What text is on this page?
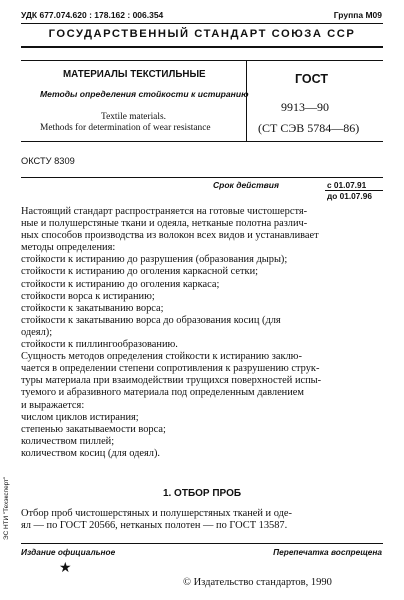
УДК 677.074.620 : 178.162 : 006.354	Группа М09
ГОСУДАРСТВЕННЫЙ СТАНДАРТ СОЮЗА ССР
МАТЕРИАЛЫ ТЕКСТИЛЬНЫЕ
Методы определения стойкости к истиранию
Textile materials.
Methods for determination of wear resistance
ГОСТ
9913—90
(СТ СЭВ 5784—86)
ОКСТУ 8309
Срок действия	с 01.07.91
до 01.07.96
Настоящий стандарт распространяется на готовые чистошерстя-
ные и полушерстяные ткани и одеяла, нетканые полотна различ-
ных способов производства из волокон всех видов и устанавливает
методы определения:
стойкости к истиранию до разрушения (образования дыры);
стойкости к истиранию до оголения каркасной сетки;
стойкости к истиранию до оголения каркаса;
стойкости ворса к истиранию;
стойкости к закатыванию ворса;
стойкости к закатыванию ворса до образования косиц (для
одеял);
стойкости к пиллингообразованию.
Сущность методов определения стойкости к истиранию заклю-
чается в определении степени сопротивления к разрушению струк-
туры материала при взаимодействии трущихся поверхностей испы-
туемого и абразивного материала под определенным давлением
и выражается:
числом циклов истирания;
степенью закатываемости ворса;
количеством пиллей;
количеством косиц (для одеял).
1. ОТБОР ПРОБ
Отбор проб чистошерстяных и полушерстяных тканей и оде-
ял — по ГОСТ 20566, нетканых полотен — по ГОСТ 13587.
ЭС НТИ "Техэксперт"
Издание официальное	Перепечатка воспрещена
★
© Издательство стандартов, 1990
